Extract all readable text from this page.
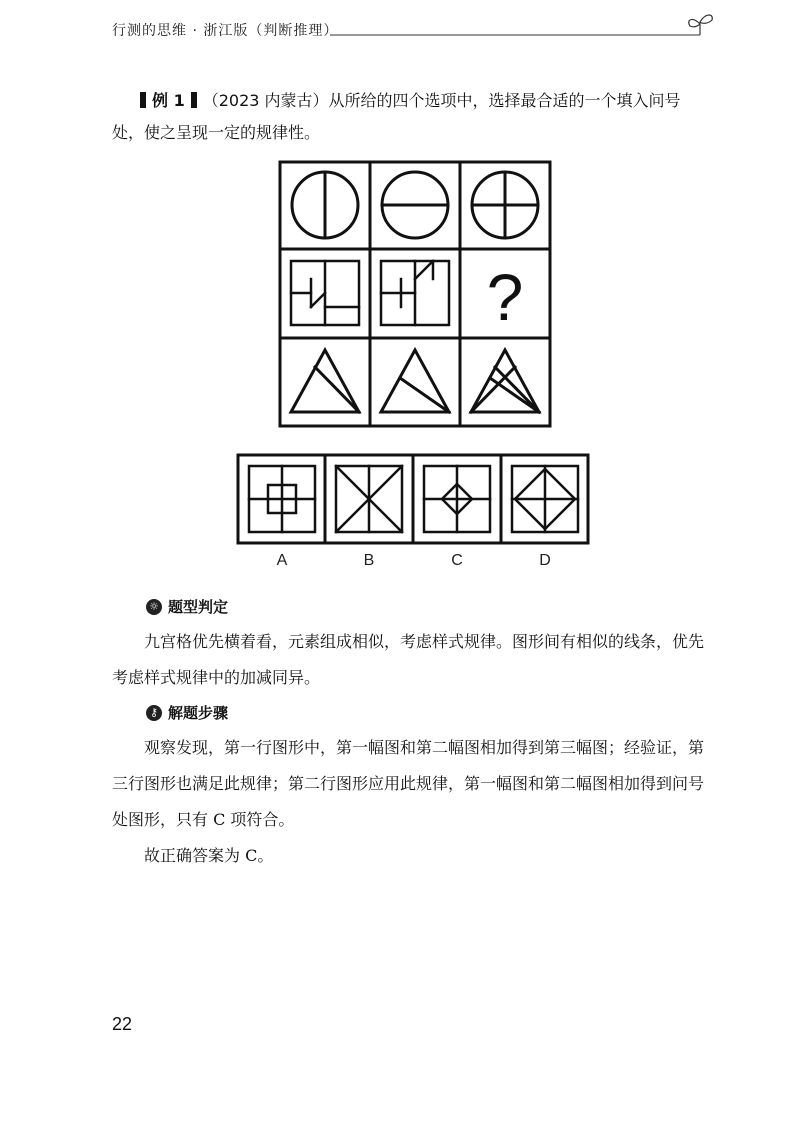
行测的思维 · 浙江版（判断推理）
例 1 （2023 内蒙古）从所给的四个选项中，选择最合适的一个填入问号
处，使之呈现一定的规律性。
?
A	B	C	D
☼ 题型判定
九宫格优先横着看，元素组成相似，考虑样式规律。图形间有相似的线条，优先
考虑样式规律中的加减同异。
⚷ 解题步骤
观察发现，第一行图形中，第一幅图和第二幅图相加得到第三幅图；经验证，第
三行图形也满足此规律；第二行图形应用此规律，第一幅图和第二幅图相加得到问号
处图形，只有 C 项符合。
故正确答案为 C。
22
